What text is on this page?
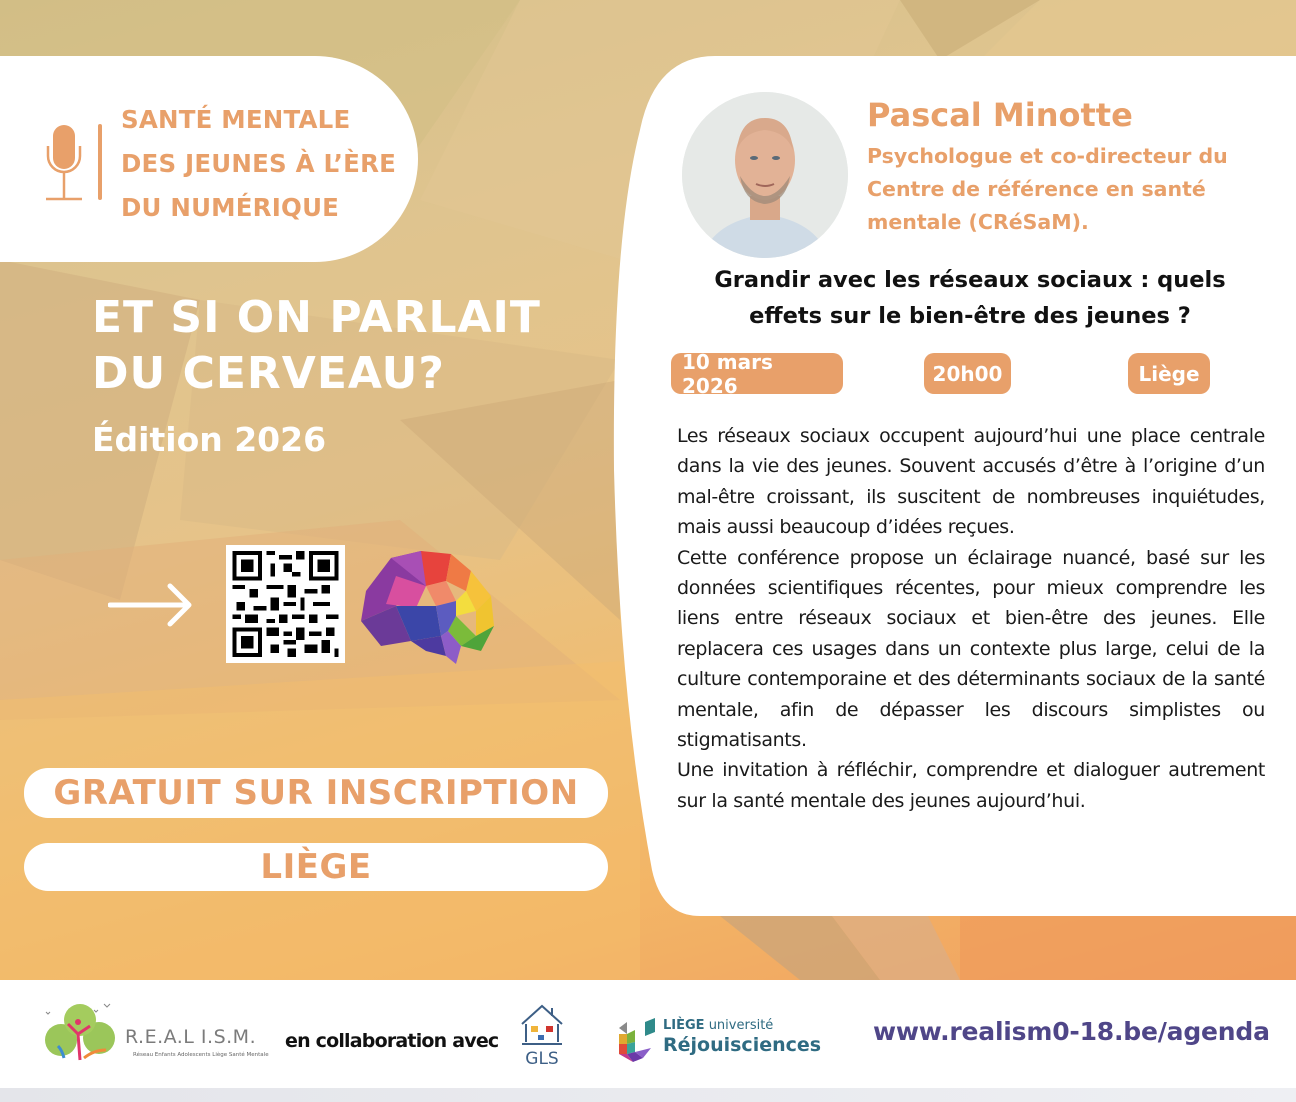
SANTÉ MENTALE
DES JEUNES À L’ÈRE
DU NUMÉRIQUE
ET SI ON PARLAIT
DU CERVEAU?
Édition 2026
GRATUIT SUR INSCRIPTION
LIÈGE
Pascal Minotte
Psychologue et co-directeur du
Centre de référence en santé
mentale (CRéSaM).
Grandir avec les réseaux sociaux : quels
effets sur le bien-être des jeunes ?
10 mars 2026	20h00	Liège

Les réseaux sociaux occupent aujourd’hui une place centrale dans la vie des jeunes. Souvent accusés d’être à l’origine d’un mal-être croissant, ils suscitent de nombreuses inquiétudes, mais aussi beaucoup d’idées reçues.

Cette conférence propose un éclairage nuancé, basé sur les données scientifiques récentes, pour mieux comprendre les liens entre réseaux sociaux et bien-être des jeunes. Elle replacera ces usages dans un contexte plus large, celui de la culture contemporaine et des déterminants sociaux de la santé mentale, afin de dépasser les discours simplistes ou stigmatisants.

Une invitation à réfléchir, comprendre et dialoguer autrement sur la santé mentale des jeunes aujourd’hui.

R.E.A.L I.S.M.
Réseau Enfants Adolescents Liège Santé Mentale
en collaboration avec
GLS
LIÈGE université
Réjouisciences www.realism0-18.be/agenda
